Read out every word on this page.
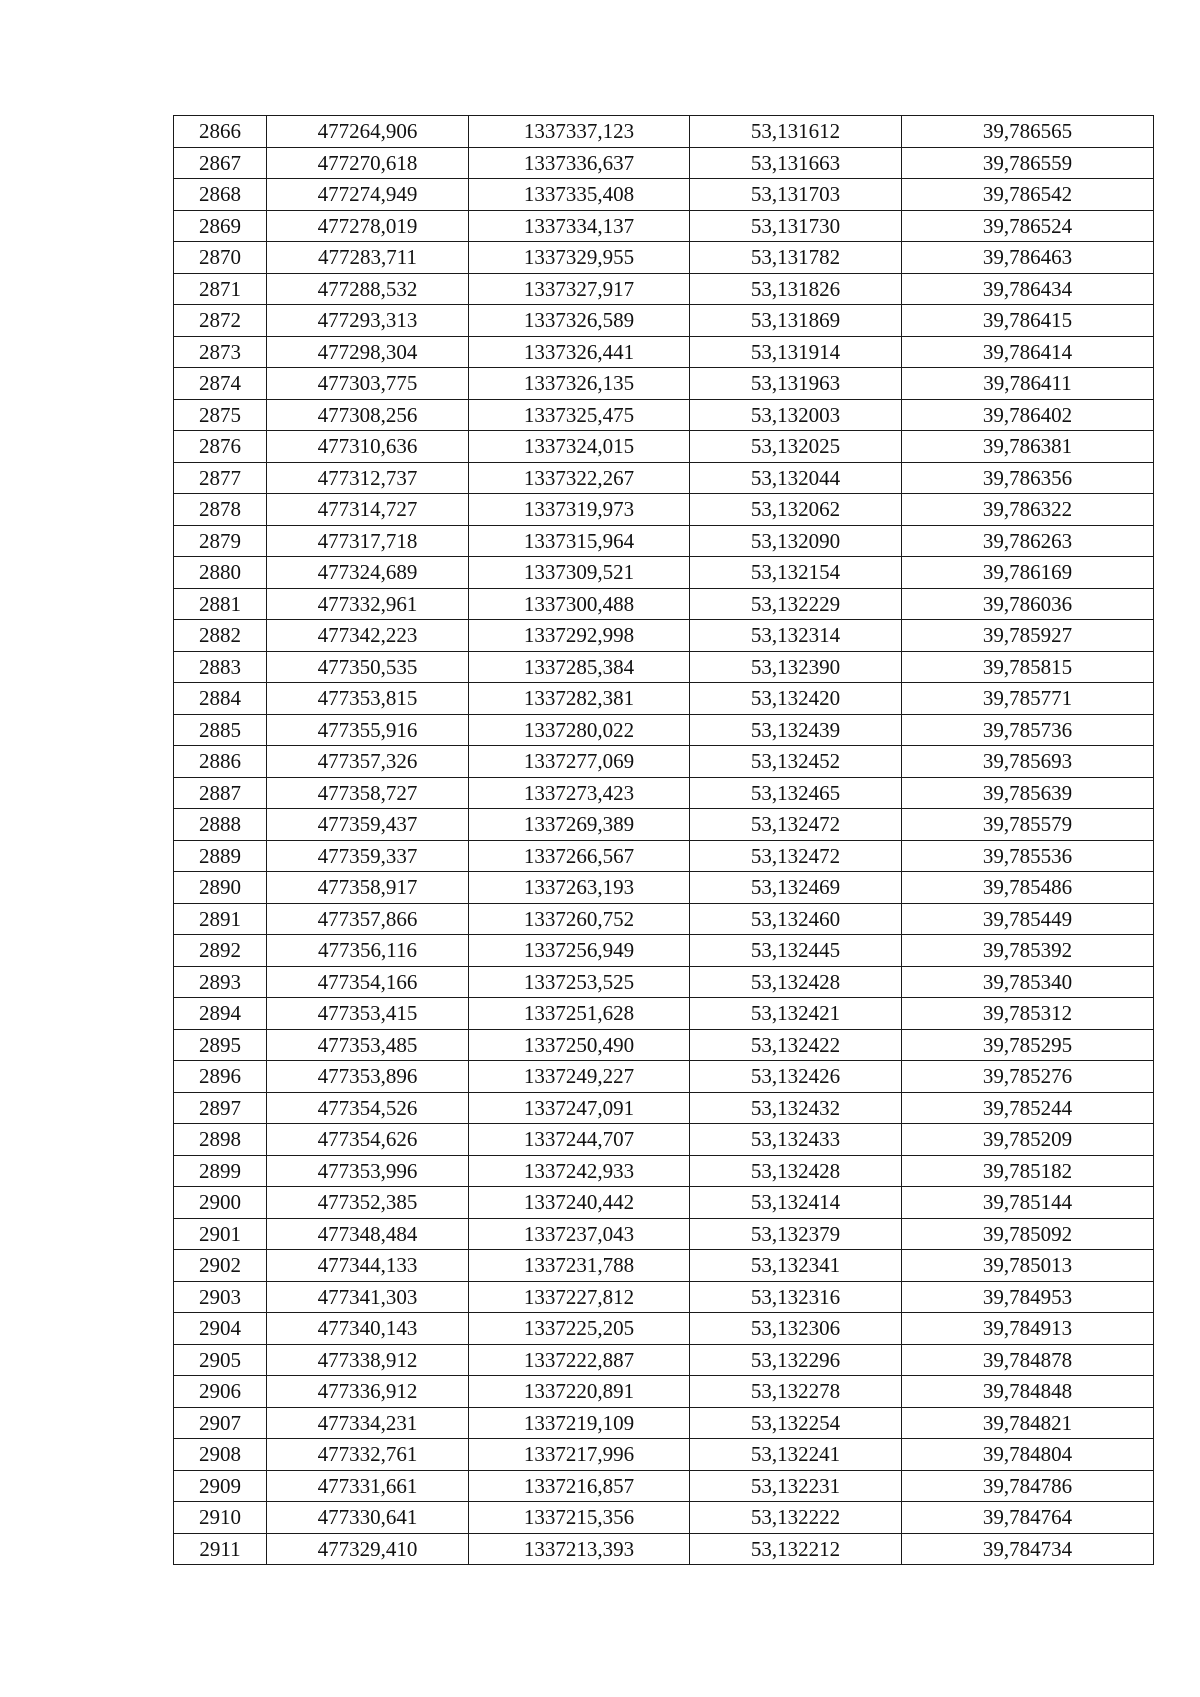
2866	477264,906	1337337,123	53,131612	39,786565
2867	477270,618	1337336,637	53,131663	39,786559
2868	477274,949	1337335,408	53,131703	39,786542
2869	477278,019	1337334,137	53,131730	39,786524
2870	477283,711	1337329,955	53,131782	39,786463
2871	477288,532	1337327,917	53,131826	39,786434
2872	477293,313	1337326,589	53,131869	39,786415
2873	477298,304	1337326,441	53,131914	39,786414
2874	477303,775	1337326,135	53,131963	39,786411
2875	477308,256	1337325,475	53,132003	39,786402
2876	477310,636	1337324,015	53,132025	39,786381
2877	477312,737	1337322,267	53,132044	39,786356
2878	477314,727	1337319,973	53,132062	39,786322
2879	477317,718	1337315,964	53,132090	39,786263
2880	477324,689	1337309,521	53,132154	39,786169
2881	477332,961	1337300,488	53,132229	39,786036
2882	477342,223	1337292,998	53,132314	39,785927
2883	477350,535	1337285,384	53,132390	39,785815
2884	477353,815	1337282,381	53,132420	39,785771
2885	477355,916	1337280,022	53,132439	39,785736
2886	477357,326	1337277,069	53,132452	39,785693
2887	477358,727	1337273,423	53,132465	39,785639
2888	477359,437	1337269,389	53,132472	39,785579
2889	477359,337	1337266,567	53,132472	39,785536
2890	477358,917	1337263,193	53,132469	39,785486
2891	477357,866	1337260,752	53,132460	39,785449
2892	477356,116	1337256,949	53,132445	39,785392
2893	477354,166	1337253,525	53,132428	39,785340
2894	477353,415	1337251,628	53,132421	39,785312
2895	477353,485	1337250,490	53,132422	39,785295
2896	477353,896	1337249,227	53,132426	39,785276
2897	477354,526	1337247,091	53,132432	39,785244
2898	477354,626	1337244,707	53,132433	39,785209
2899	477353,996	1337242,933	53,132428	39,785182
2900	477352,385	1337240,442	53,132414	39,785144
2901	477348,484	1337237,043	53,132379	39,785092
2902	477344,133	1337231,788	53,132341	39,785013
2903	477341,303	1337227,812	53,132316	39,784953
2904	477340,143	1337225,205	53,132306	39,784913
2905	477338,912	1337222,887	53,132296	39,784878
2906	477336,912	1337220,891	53,132278	39,784848
2907	477334,231	1337219,109	53,132254	39,784821
2908	477332,761	1337217,996	53,132241	39,784804
2909	477331,661	1337216,857	53,132231	39,784786
2910	477330,641	1337215,356	53,132222	39,784764
2911	477329,410	1337213,393	53,132212	39,784734
